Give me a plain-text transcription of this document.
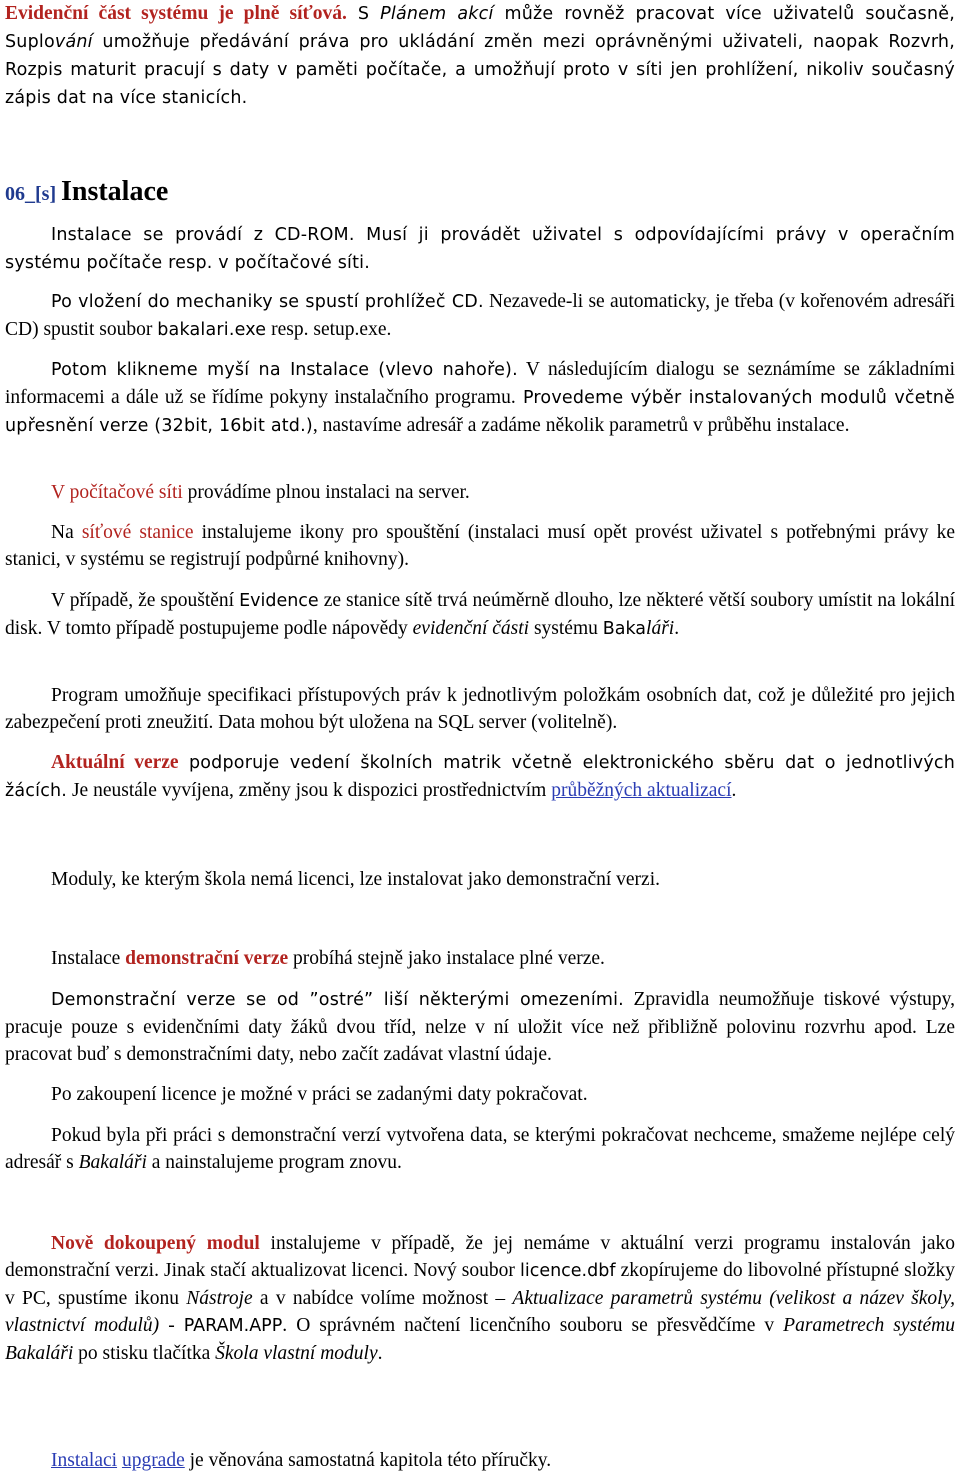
Evidenční část systému je plně síťová. S Plánem akcí může rovněž pracovat více uživatelů současně, Suplování umožňuje předávání práva pro ukládání změn mezi oprávněnými uživateli, naopak Rozvrh, Rozpis maturit pracují s daty v paměti počítače, a umožňují proto v síti jen prohlížení, nikoliv současný zápis dat na více stanicích.

06_[s] Instalace

Instalace se provádí z CD-ROM. Musí ji provádět uživatel s odpovídajícími právy v operačním systému počítače resp. v počítačové síti.

Po vložení do mechaniky se spustí prohlížeč CD. Nezavede-li se automaticky, je třeba (v kořenovém adresáři CD) spustit soubor bakalari.exe resp. setup.exe.

Potom klikneme myší na Instalace (vlevo nahoře). V následujícím dialogu se seznámíme se základními informacemi a dále už se řídíme pokyny instalačního programu. Provedeme výběr instalovaných modulů včetně upřesnění verze (32bit, 16bit atd.), nastavíme adresář a zadáme několik parametrů v průběhu instalace.

V počítačové síti provádíme plnou instalaci na server.

Na síťové stanice instalujeme ikony pro spouštění (instalaci musí opět provést uživatel s potřebnými právy ke stanici, v systému se registrují podpůrné knihovny).

V případě, že spouštění Evidence ze stanice sítě trvá neúměrně dlouho, lze některé větší soubory umístit na lokální disk. V tomto případě postupujeme podle nápovědy evidenční části systému Bakaláři.

Program umožňuje specifikaci přístupových práv k jednotlivým položkám osobních dat, což je důležité pro jejich zabezpečení proti zneužití. Data mohou být uložena na SQL server (volitelně).

Aktuální verze podporuje vedení školních matrik včetně elektronického sběru dat o jednotlivých žácích. Je neustále vyvíjena, změny jsou k dispozici prostřednictvím průběžných aktualizací.

Moduly, ke kterým škola nemá licenci, lze instalovat jako demonstrační verzi.

Instalace demonstrační verze probíhá stejně jako instalace plné verze.

Demonstrační verze se od ”ostré” liší některými omezeními. Zpravidla neumožňuje tiskové výstupy, pracuje pouze s evidenčními daty žáků dvou tříd, nelze v ní uložit více než přibližně polovinu rozvrhu apod. Lze pracovat buď s demonstračními daty, nebo začít zadávat vlastní údaje.

Po zakoupení licence je možné v práci se zadanými daty pokračovat.

Pokud byla při práci s demonstrační verzí vytvořena data, se kterými pokračovat nechceme, smažeme nejlépe celý adresář s Bakaláři a nainstalujeme program znovu.

Nově dokoupený modul instalujeme v případě, že jej nemáme v aktuální verzi programu instalován jako demonstrační verzi. Jinak stačí aktualizovat licenci. Nový soubor licence.dbf zkopírujeme do libovolné přístupné složky v PC, spustíme ikonu Nástroje a v nabídce volíme možnost – Aktualizace parametrů systému (velikost a název školy, vlastnictví modulů) - PARAM.APP. O správném načtení licenčního souboru se přesvědčíme v Parametrech systému Bakaláři po stisku tlačítka Škola vlastní moduly.

Instalaci upgrade je věnována samostatná kapitola této příručky.
